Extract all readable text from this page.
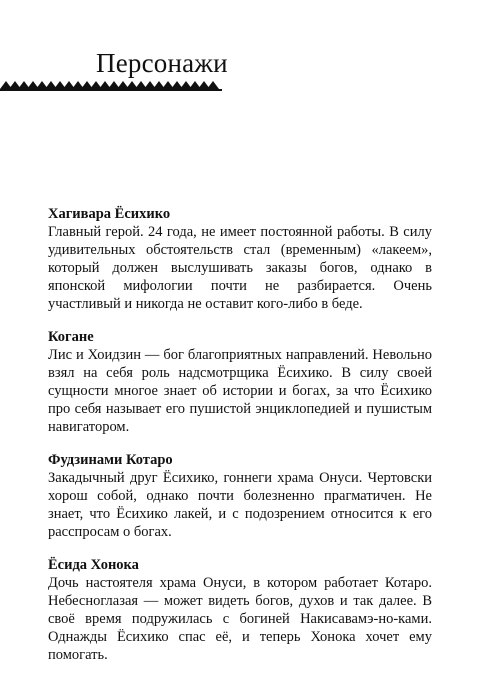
Персонажи

Хагивара Ёсихико

Главный герой. 24 года, не имеет постоянной работы. В силу удивительных обстоятельств стал (временным) «лакеем», который должен выслушивать заказы богов, однако в японской мифологии почти не разбирается. Очень участливый и никогда не оставит кого-либо в беде.

Когане

Лис и Хоидзин — бог благоприятных направлений. Невольно взял на себя роль надсмотрщика Ёсихико. В силу своей сущности многое знает об истории и богах, за что Ёсихико про себя называет его пушистой энциклопедией и пушистым навигатором.

Фудзинами Котаро

Закадычный друг Ёсихико, гоннеги храма Онуси. Чертовски хорош собой, однако почти болезненно прагматичен. Не знает, что Ёсихико лакей, и с подозрением относится к его расспросам о богах.

Ёсида Хонока

Дочь настоятеля храма Онуси, в котором работает Котаро. Небесноглазая — может видеть богов, духов и так далее. В своё время подружилась с богиней Накисавамэ-но-ками. Однажды Ёсихико спас её, и теперь Хонока хочет ему помогать.
